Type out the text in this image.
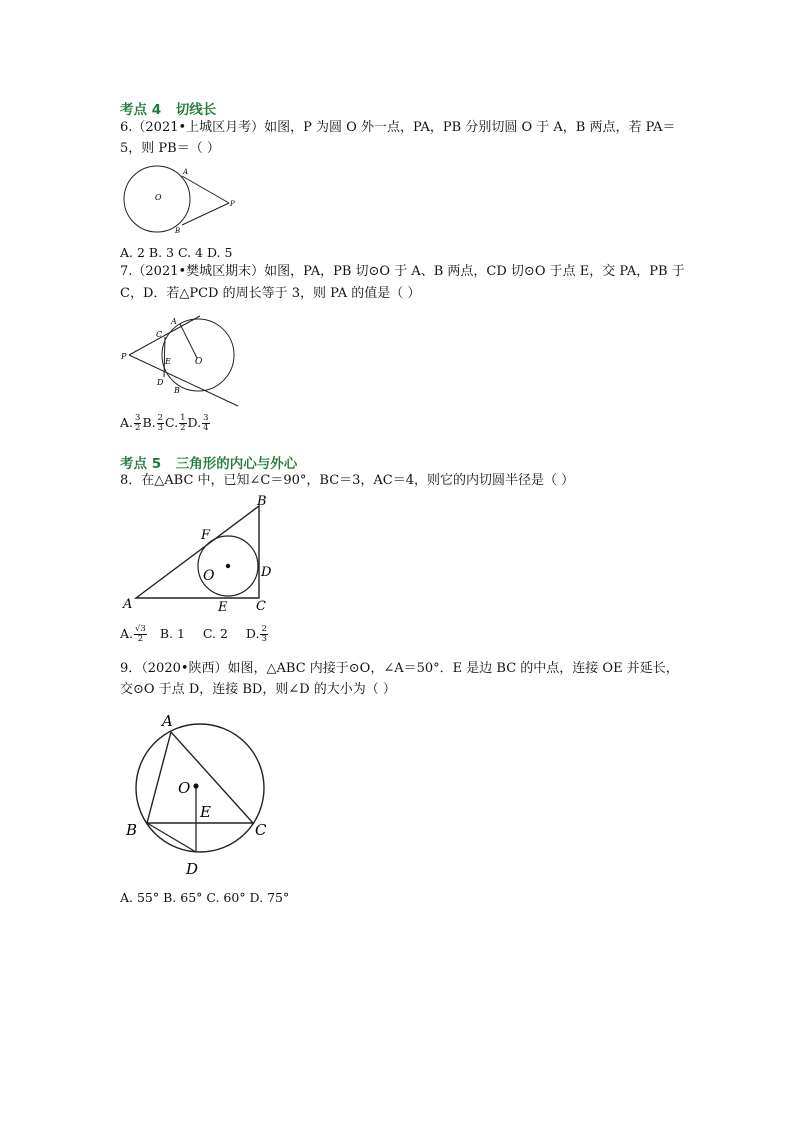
考点 4 切线长
6.（2021•上城区月考）如图，P 为圆 O 外一点，PA，PB 分别切圆 O 于 A，B 两点，若 PA＝
5，则 PB＝（ ）
A
B
O
P
A. 2 B. 3 C. 4 D. 5
7.（2021•樊城区期末）如图，PA，PB 切⊙O 于 A、B 两点，CD 切⊙O 于点 E，交 PA，PB 于
C，D．若△PCD 的周长等于 3，则 PA 的值是（ ）
A
B
C
D
E	O
P
A. $\frac{3}{2} B$. $\frac{2}{3} C$. $\frac{1}{2} D$. $\frac{3}{4}$
考点 5 三角形的内心与外心
8．在△ABC 中，已知∠C＝90°，BC＝3，AC＝4，则它的内切圆半径是（ ）
A
B
C
D
E
F
O
A. $\frac{√3}{2} B$. 1 C. 2 D. $\frac{2}{3}$
9．（2020•陕西）如图，△ABC 内接于⊙O，∠A＝50°．E 是边 BC 的中点，连接 OE 并延长，
交⊙O 于点 D，连接 BD，则∠D 的大小为（ ）
A
B	C
D
E
O
A. 55° B. 65° C. 60° D. 75°
